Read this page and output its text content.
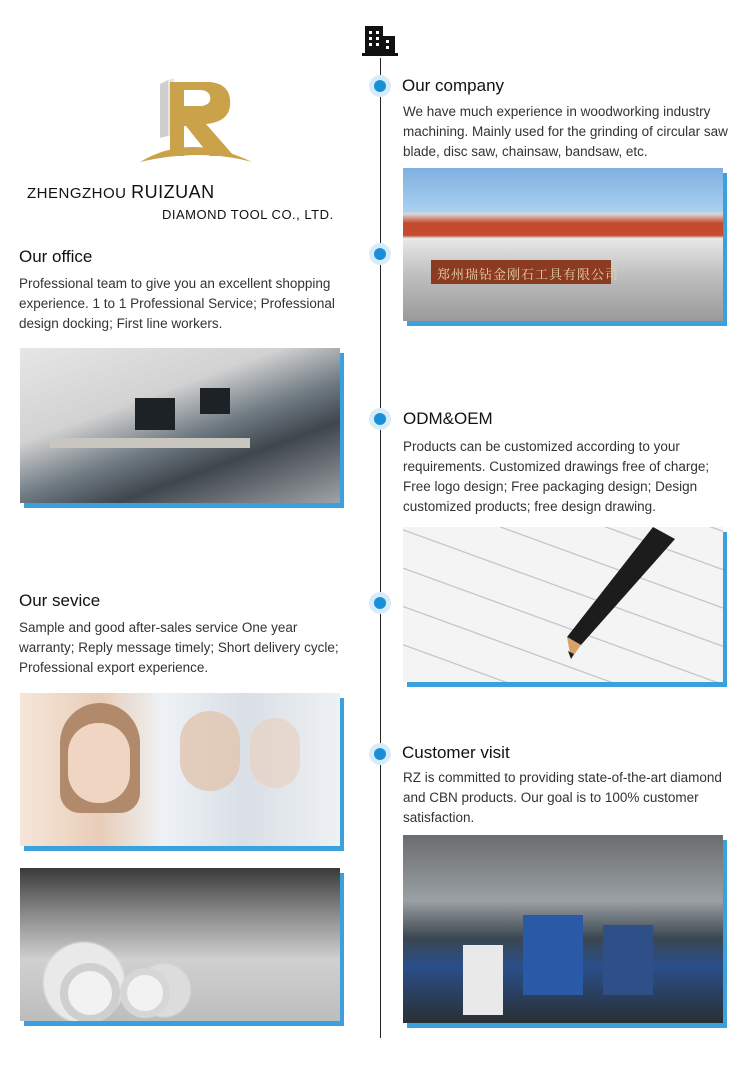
ZHENGZHOU RUIZUAN
DIAMOND TOOL CO., LTD.
Our company
We have much experience in woodworking industry machining. Mainly used for the grinding of circular saw blade, disc saw, chainsaw, bandsaw, etc.
郑州瑞钻金刚石工具有限公司
Our office
Professional team to give you an excellent shopping experience. 1 to 1 Professional Service; Professional design docking; First line workers.
ODM&OEM
Products can be customized according to your requirements. Customized drawings free of charge; Free logo design; Free packaging design; Design customized products; free design drawing.
Our sevice
Sample and good after-sales service One year warranty; Reply message timely; Short delivery cycle; Professional export experience.
Customer visit
RZ is committed to providing state-of-the-art diamond and CBN products. Our goal is to 100% customer satisfaction.
